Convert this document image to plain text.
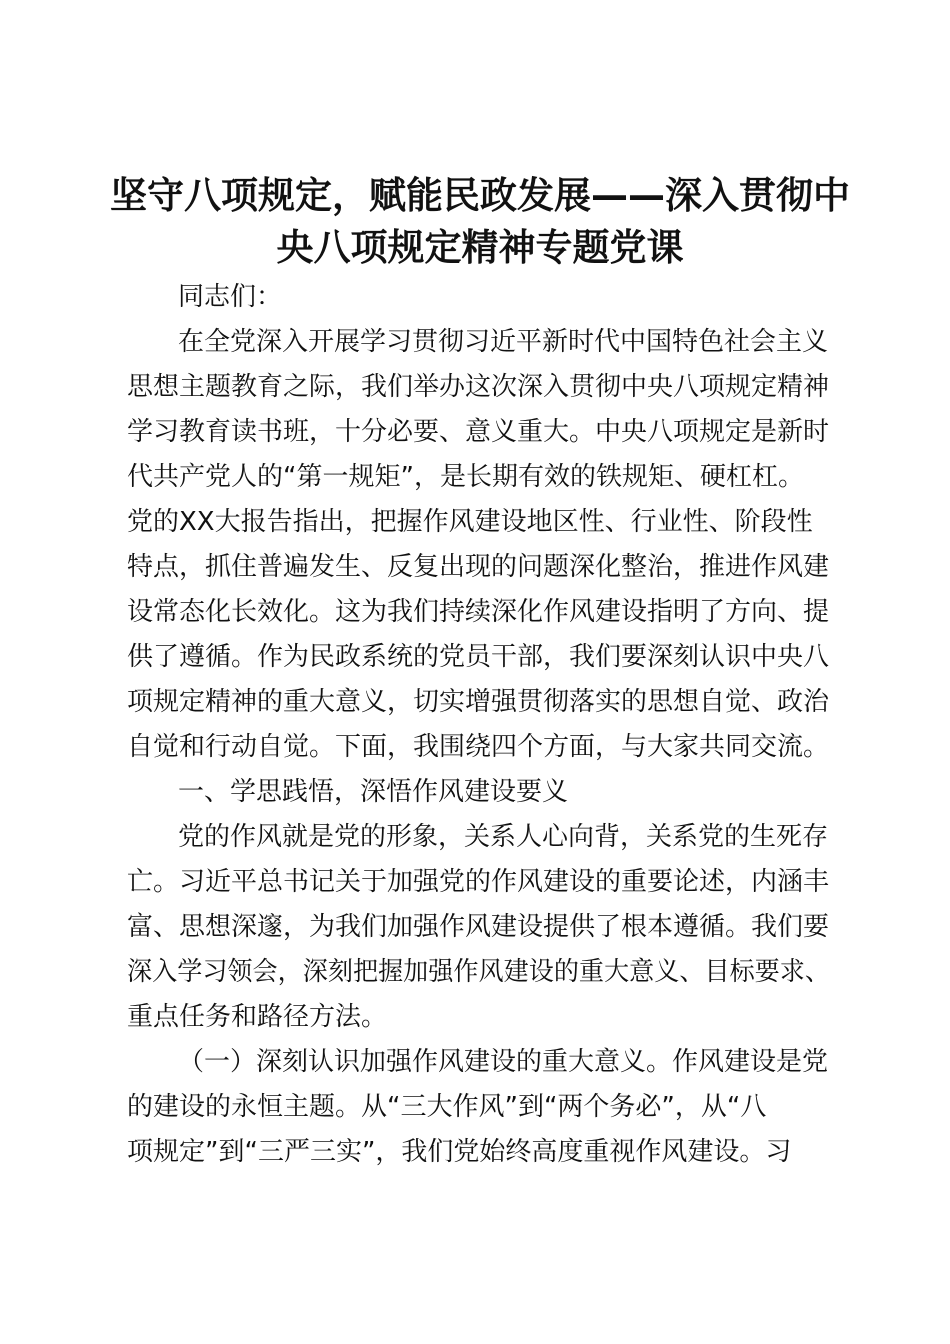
坚守八项规定，赋能民政发展——深入贯彻中
央八项规定精神专题党课
同志们：
在全党深入开展学习贯彻习近平新时代中国特色社会主义
思想主题教育之际，我们举办这次深入贯彻中央八项规定精神
学习教育读书班，十分必要、意义重大。中央八项规定是新时
代共产党人的“第一规矩”，是长期有效的铁规矩、硬杠杠。
党的XX大报告指出，把握作风建设地区性、行业性、阶段性
特点，抓住普遍发生、反复出现的问题深化整治，推进作风建
设常态化长效化。这为我们持续深化作风建设指明了方向、提
供了遵循。作为民政系统的党员干部，我们要深刻认识中央八
项规定精神的重大意义，切实增强贯彻落实的思想自觉、政治
自觉和行动自觉。下面，我围绕四个方面，与大家共同交流。
一、学思践悟，深悟作风建设要义
党的作风就是党的形象，关系人心向背，关系党的生死存
亡。习近平总书记关于加强党的作风建设的重要论述，内涵丰
富、思想深邃，为我们加强作风建设提供了根本遵循。我们要
深入学习领会，深刻把握加强作风建设的重大意义、目标要求、
重点任务和路径方法。
（一）深刻认识加强作风建设的重大意义。作风建设是党
的建设的永恒主题。从“三大作风”到“两个务必”，从“八
项规定”到“三严三实”，我们党始终高度重视作风建设。习
